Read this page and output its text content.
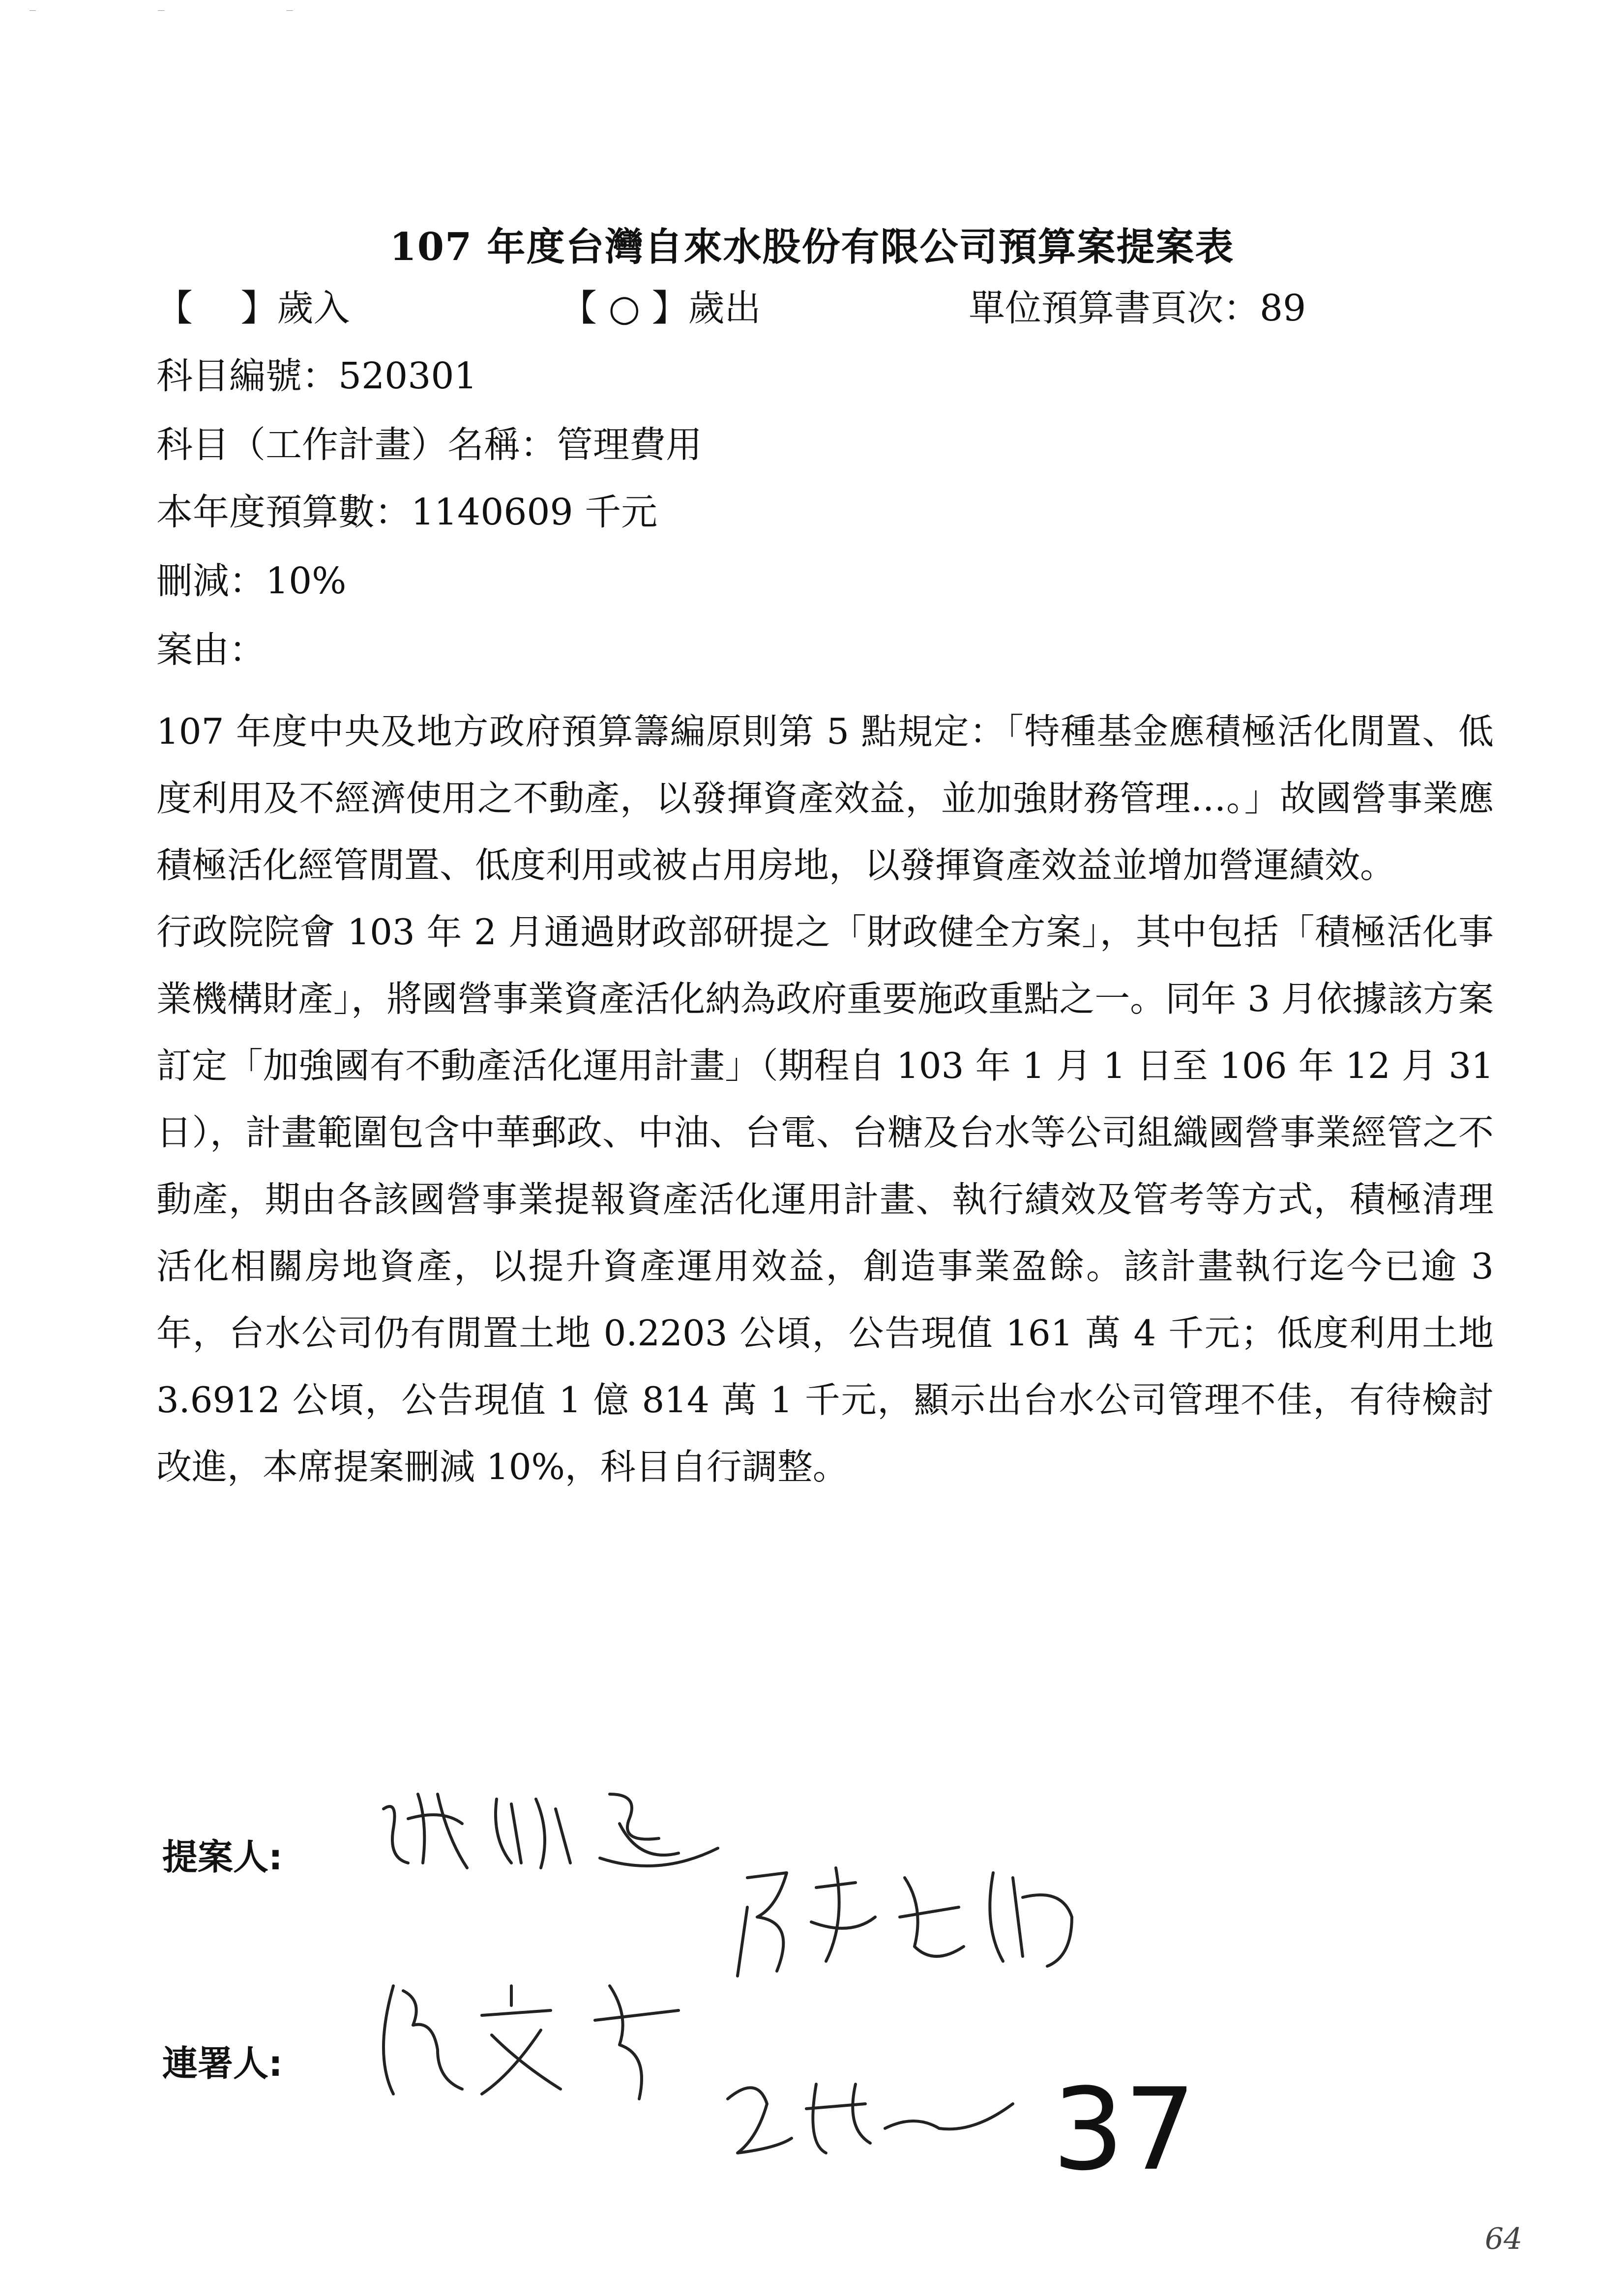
‾ ‾ ‾
107 年度台灣自來水股份有限公司預算案提案表
【　 】歲入	【 ○ 】歲出	單位預算書頁次：89
科目編號：520301
科目（工作計畫）名稱：管理費用
本年度預算數：1140609 千元
刪減：10%
案由：

107 年度中央及地方政府預算籌編原則第 5 點規定：「特種基金應積極活化閒置、低度利用及不經濟使用之不動產，以發揮資產效益，並加強財務管理…。」故國營事業應積極活化經管閒置、低度利用或被占用房地，以發揮資產效益並增加營運績效。

行政院院會 103 年 2 月通過財政部研提之「財政健全方案」，其中包括「積極活化事業機構財產」，將國營事業資產活化納為政府重要施政重點之一。同年 3 月依據該方案訂定「加強國有不動產活化運用計畫」（期程自 103 年 1 月 1 日至 106 年 12 月 31 日），計畫範圍包含中華郵政、中油、台電、台糖及台水等公司組織國營事業經管之不動產，期由各該國營事業提報資產活化運用計畫、執行績效及管考等方式，積極清理活化相關房地資產，以提升資產運用效益，創造事業盈餘。該計畫執行迄今已逾 3 年，台水公司仍有閒置土地 0.2203 公頃，公告現值 161 萬 4 千元；低度利用土地 3.6912 公頃，公告現值 1 億 814 萬 1 千元，顯示出台水公司管理不佳，有待檢討改進，本席提案刪減 10%，科目自行調整。

提案人:
連署人:
37
64
